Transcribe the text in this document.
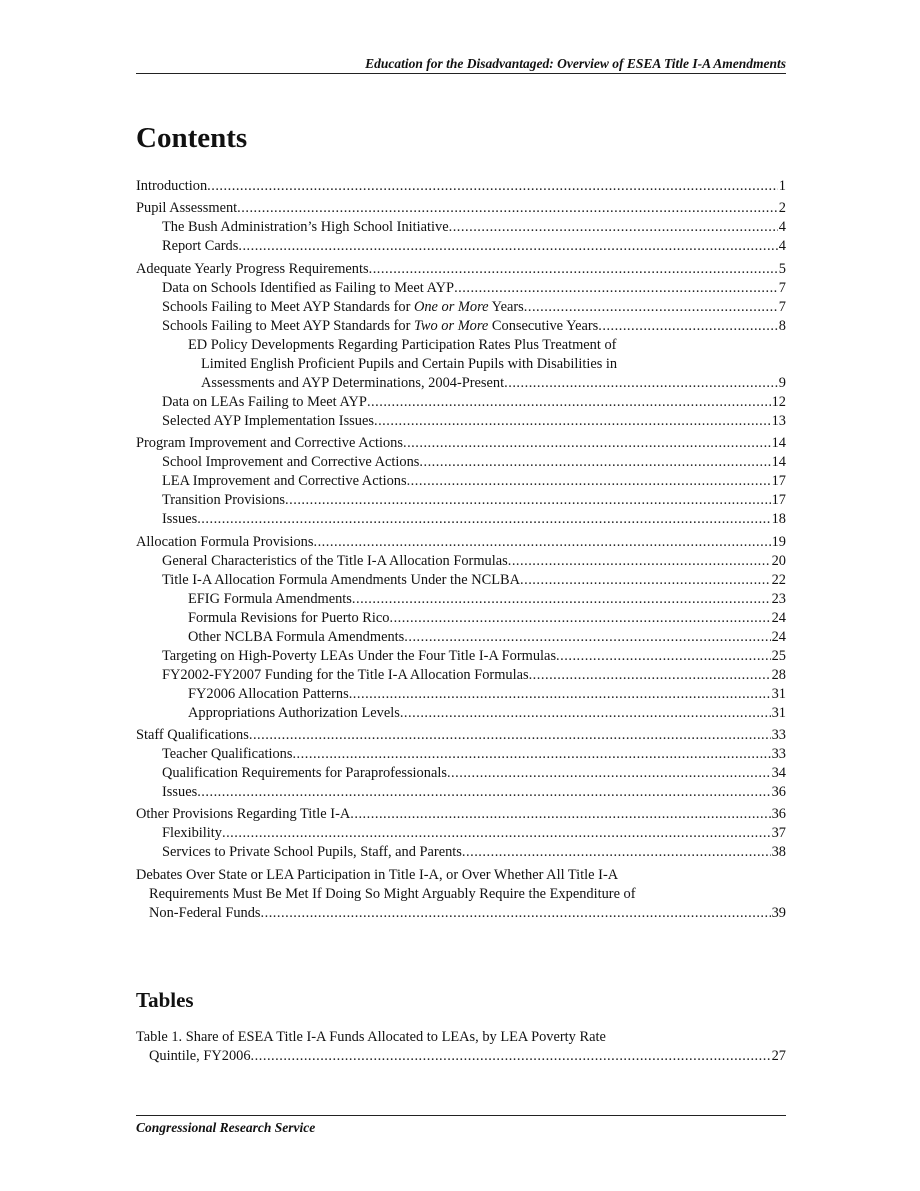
Education for the Disadvantaged: Overview of ESEA Title I-A Amendments
Contents
Introduction .....	1
Pupil Assessment .....	2
The Bush Administration’s High School Initiative .....	4
Report Cards .....	4
Adequate Yearly Progress Requirements .....	5
Data on Schools Identified as Failing to Meet AYP .....	7
Schools Failing to Meet AYP Standards for One or More Years .....	7
Schools Failing to Meet AYP Standards for Two or More Consecutive Years .....	8
ED Policy Developments Regarding Participation Rates Plus Treatment of
Limited English Proficient Pupils and Certain Pupils with Disabilities in
Assessments and AYP Determinations, 2004-Present .....	9
Data on LEAs Failing to Meet AYP .....	12
Selected AYP Implementation Issues .....	13
Program Improvement and Corrective Actions .....	14
School Improvement and Corrective Actions .....	14
LEA Improvement and Corrective Actions .....	17
Transition Provisions .....	17
Issues .....	18
Allocation Formula Provisions .....	19
General Characteristics of the Title I-A Allocation Formulas .....	20
Title I-A Allocation Formula Amendments Under the NCLBA .....	22
EFIG Formula Amendments .....	23
Formula Revisions for Puerto Rico .....	24
Other NCLBA Formula Amendments .....	24
Targeting on High-Poverty LEAs Under the Four Title I-A Formulas .....	25
FY2002-FY2007 Funding for the Title I-A Allocation Formulas .....	28
FY2006 Allocation Patterns .....	31
Appropriations Authorization Levels .....	31
Staff Qualifications .....	33
Teacher Qualifications .....	33
Qualification Requirements for Paraprofessionals .....	34
Issues .....	36
Other Provisions Regarding Title I-A .....	36
Flexibility .....	37
Services to Private School Pupils, Staff, and Parents .....	38
Debates Over State or LEA Participation in Title I-A, or Over Whether All Title I-A
Requirements Must Be Met If Doing So Might Arguably Require the Expenditure of
Non-Federal Funds .....	39
Tables
Table 1. Share of ESEA Title I-A Funds Allocated to LEAs, by LEA Poverty Rate
Quintile, FY2006 .....	27
Congressional Research Service
